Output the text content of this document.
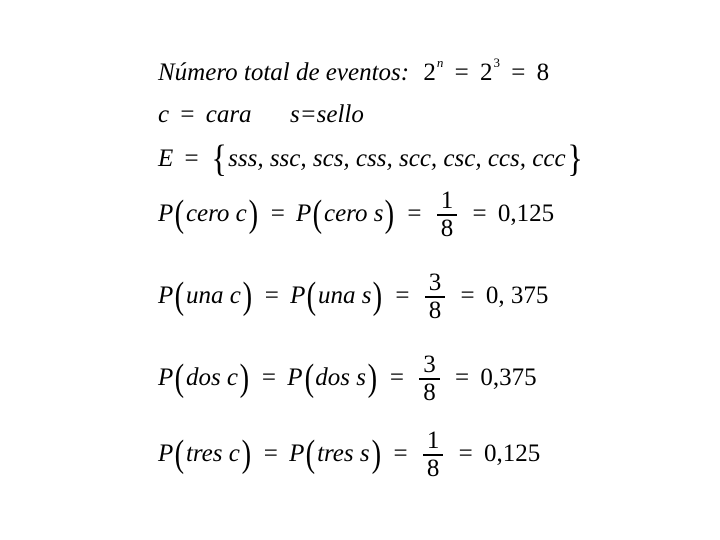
Número total de eventos: $2^n = 2^3 = 8$
c = cara s=sello
E = {sss, ssc, scs, css, scc, csc, ccs, ccc}
P(cero c) = P(cero $s) = \frac{1}{8} = 0,125$
P(una c) = P(una $s) = \frac{3}{8} = 0$, 375
P(dos c) = P(dos $s) = \frac{3}{8} = 0,375$
P(tres c) = P(tres $s) = \frac{1}{8} = 0,125$
